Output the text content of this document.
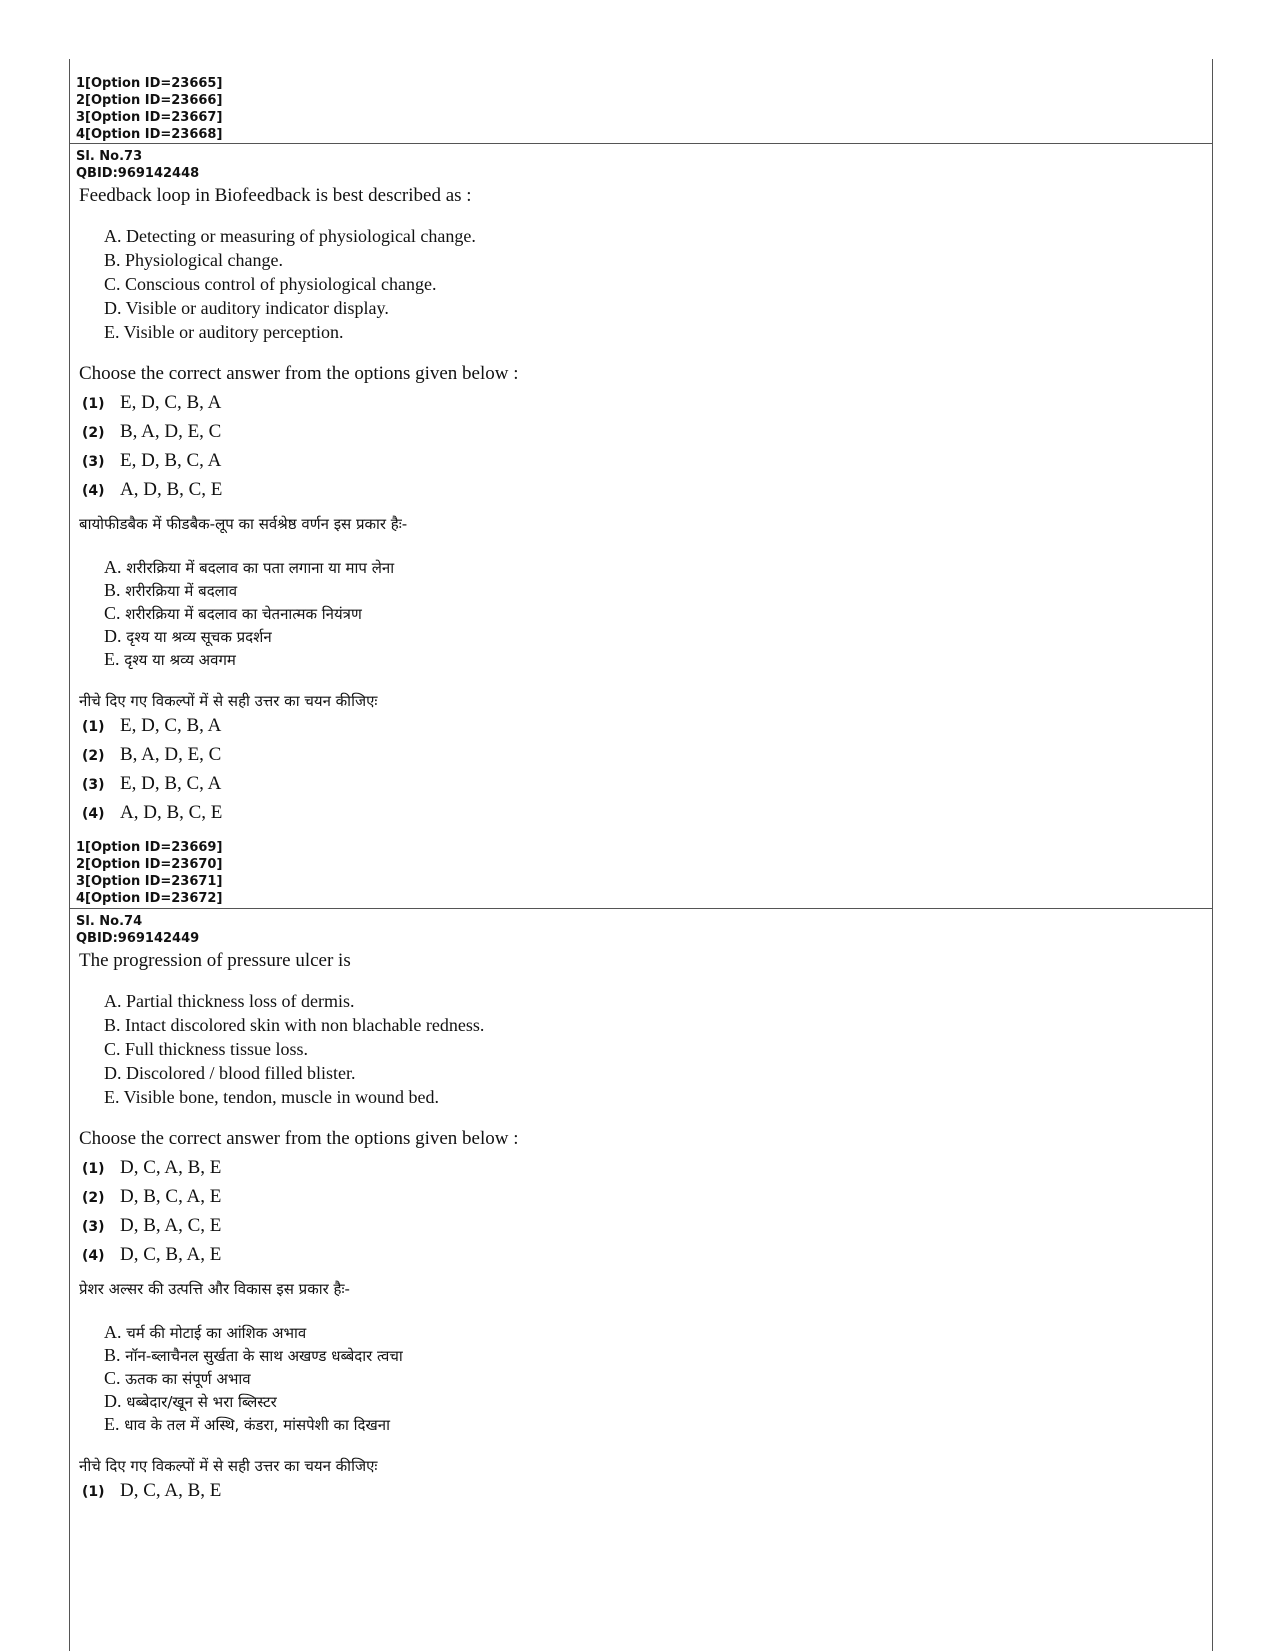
1[Option ID=23665]
2[Option ID=23666]
3[Option ID=23667]
4[Option ID=23668]
Sl. No.73
QBID:969142448
Feedback loop in Biofeedback is best described as :
A. Detecting or measuring of physiological change.
B. Physiological change.
C. Conscious control of physiological change.
D. Visible or auditory indicator display.
E. Visible or auditory perception.
Choose the correct answer from the options given below :
(1) E, D, C, B, A
(2) B, A, D, E, C
(3) E, D, B, C, A
(4) A, D, B, C, E
बायोफीडबैक में फीडबैक-लूप का सर्वश्रेष्ठ वर्णन इस प्रकार हैः-
A. शरीरक्रिया में बदलाव का पता लगाना या माप लेना
B. शरीरक्रिया में बदलाव
C. शरीरक्रिया में बदलाव का चेतनात्मक नियंत्रण
D. दृश्य या श्रव्य सूचक प्रदर्शन
E. दृश्य या श्रव्य अवगम
नीचे दिए गए विकल्पों में से सही उत्तर का चयन कीजिएः
(1) E, D, C, B, A
(2) B, A, D, E, C
(3) E, D, B, C, A
(4) A, D, B, C, E
1[Option ID=23669]
2[Option ID=23670]
3[Option ID=23671]
4[Option ID=23672]
Sl. No.74
QBID:969142449
The progression of pressure ulcer is
A. Partial thickness loss of dermis.
B. Intact discolored skin with non blachable redness.
C. Full thickness tissue loss.
D. Discolored / blood filled blister.
E. Visible bone, tendon, muscle in wound bed.
Choose the correct answer from the options given below :
(1) D, C, A, B, E
(2) D, B, C, A, E
(3) D, B, A, C, E
(4) D, C, B, A, E
प्रेशर अल्सर की उत्पत्ति और विकास इस प्रकार हैः-
A. चर्म की मोटाई का आंशिक अभाव
B. नॉन-ब्लाचैनल सुर्खता के साथ अखण्ड धब्बेदार त्वचा
C. ऊतक का संपूर्ण अभाव
D. धब्बेदार/खून से भरा ब्लिस्टर
E. धाव के तल में अस्थि, कंडरा, मांसपेशी का दिखना
नीचे दिए गए विकल्पों में से सही उत्तर का चयन कीजिएः
(1) D, C, A, B, E
